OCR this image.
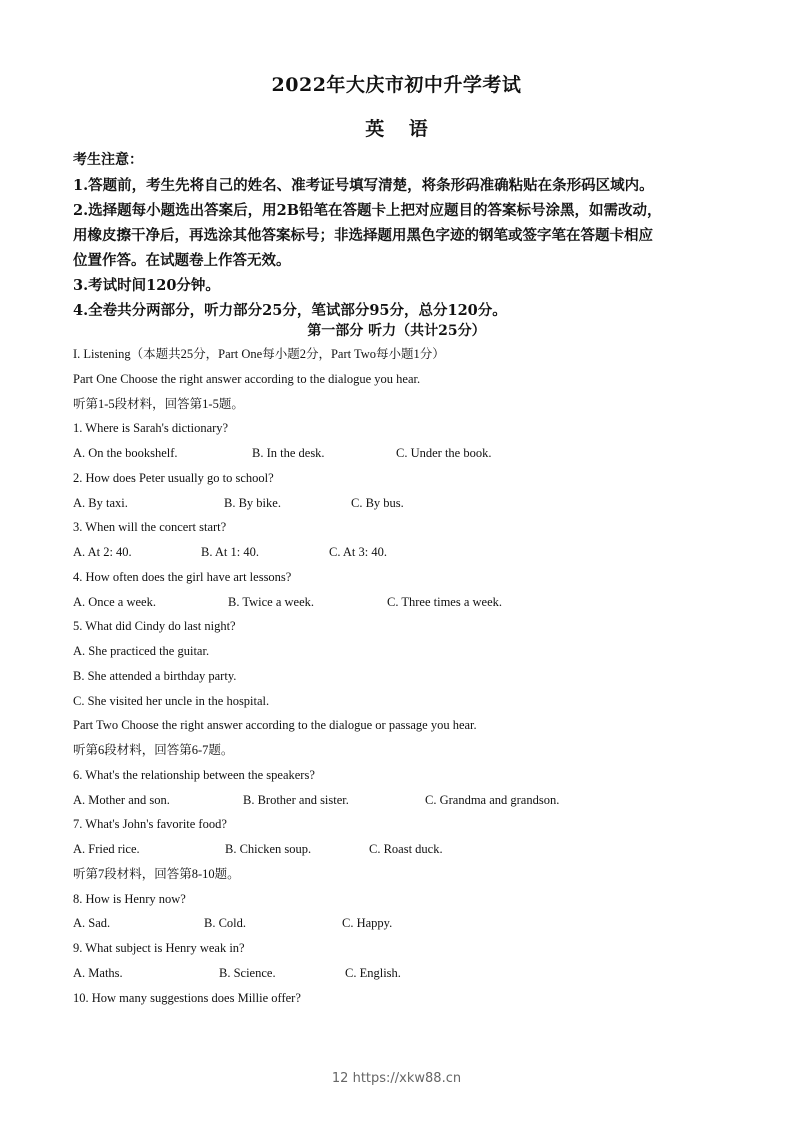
2022年大庆市初中升学考试
英 语
考生注意：
1.答题前，考生先将自己的姓名、准考证号填写清楚，将条形码准确粘贴在条形码区域内。
2.选择题每小题选出答案后，用2B铅笔在答题卡上把对应题目的答案标号涂黑，如需改动，
用橡皮擦干净后，再选涂其他答案标号；非选择题用黑色字迹的钢笔或签字笔在答题卡相应
位置作答。在试题卷上作答无效。
3.考试时间120分钟。
4.全卷共分两部分，听力部分25分，笔试部分95分，总分120分。
第一部分 听力（共计25分）
I. Listening（本题共25分，Part One每小题2分，Part Two每小题1分）
Part One Choose the right answer according to the dialogue you hear.
听第1-5段材料，回答第1-5题。
1. Where is Sarah's dictionary?
A. On the bookshelf.	B. In the desk.	C. Under the book.
2. How does Peter usually go to school?
A. By taxi.	B. By bike.	C. By bus.
3. When will the concert start?
A. At 2: 40.	B. At 1: 40.	C. At 3: 40.
4. How often does the girl have art lessons?
A. Once a week.	B. Twice a week.	C. Three times a week.
5. What did Cindy do last night?
A. She practiced the guitar.
B. She attended a birthday party.
C. She visited her uncle in the hospital.
Part Two Choose the right answer according to the dialogue or passage you hear.
听第6段材料，回答第6-7题。
6. What's the relationship between the speakers?
A. Mother and son.	B. Brother and sister.	C. Grandma and grandson.
7. What's John's favorite food?
A. Fried rice.	B. Chicken soup.	C. Roast duck.
听第7段材料，回答第8-10题。
8. How is Henry now?
A. Sad.	B. Cold.	C. Happy.
9. What subject is Henry weak in?
A. Maths.	B. Science.	C. English.
10. How many suggestions does Millie offer?
12 https://xkw88.cn
